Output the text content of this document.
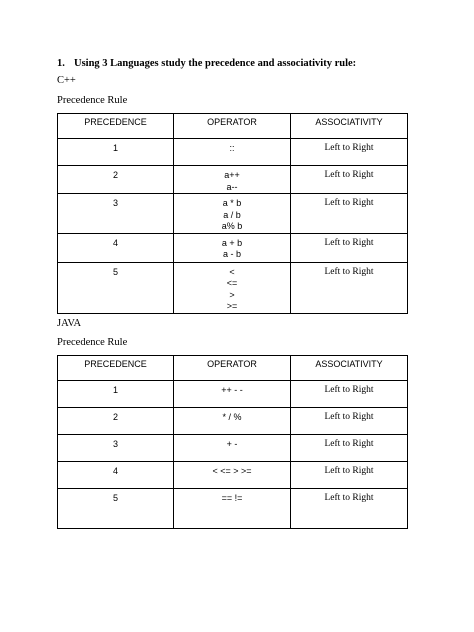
1. Using 3 Languages study the precedence and associativity rule:
C++
Precedence Rule
PRECEDENCE	OPERATOR	ASSOCIATIVITY
1	::	Left to Right
2	a++
a--	Left to Right
3	a * b
a / b
a% b	Left to Right
4	a + b
a - b	Left to Right
5	<
<=
>
>=	Left to Right
JAVA
Precedence Rule
PRECEDENCE	OPERATOR	ASSOCIATIVITY
1	++ - -	Left to Right
2	* / %	Left to Right
3	+ -	Left to Right
4	< <= > >=	Left to Right
5	== !=	Left to Right
